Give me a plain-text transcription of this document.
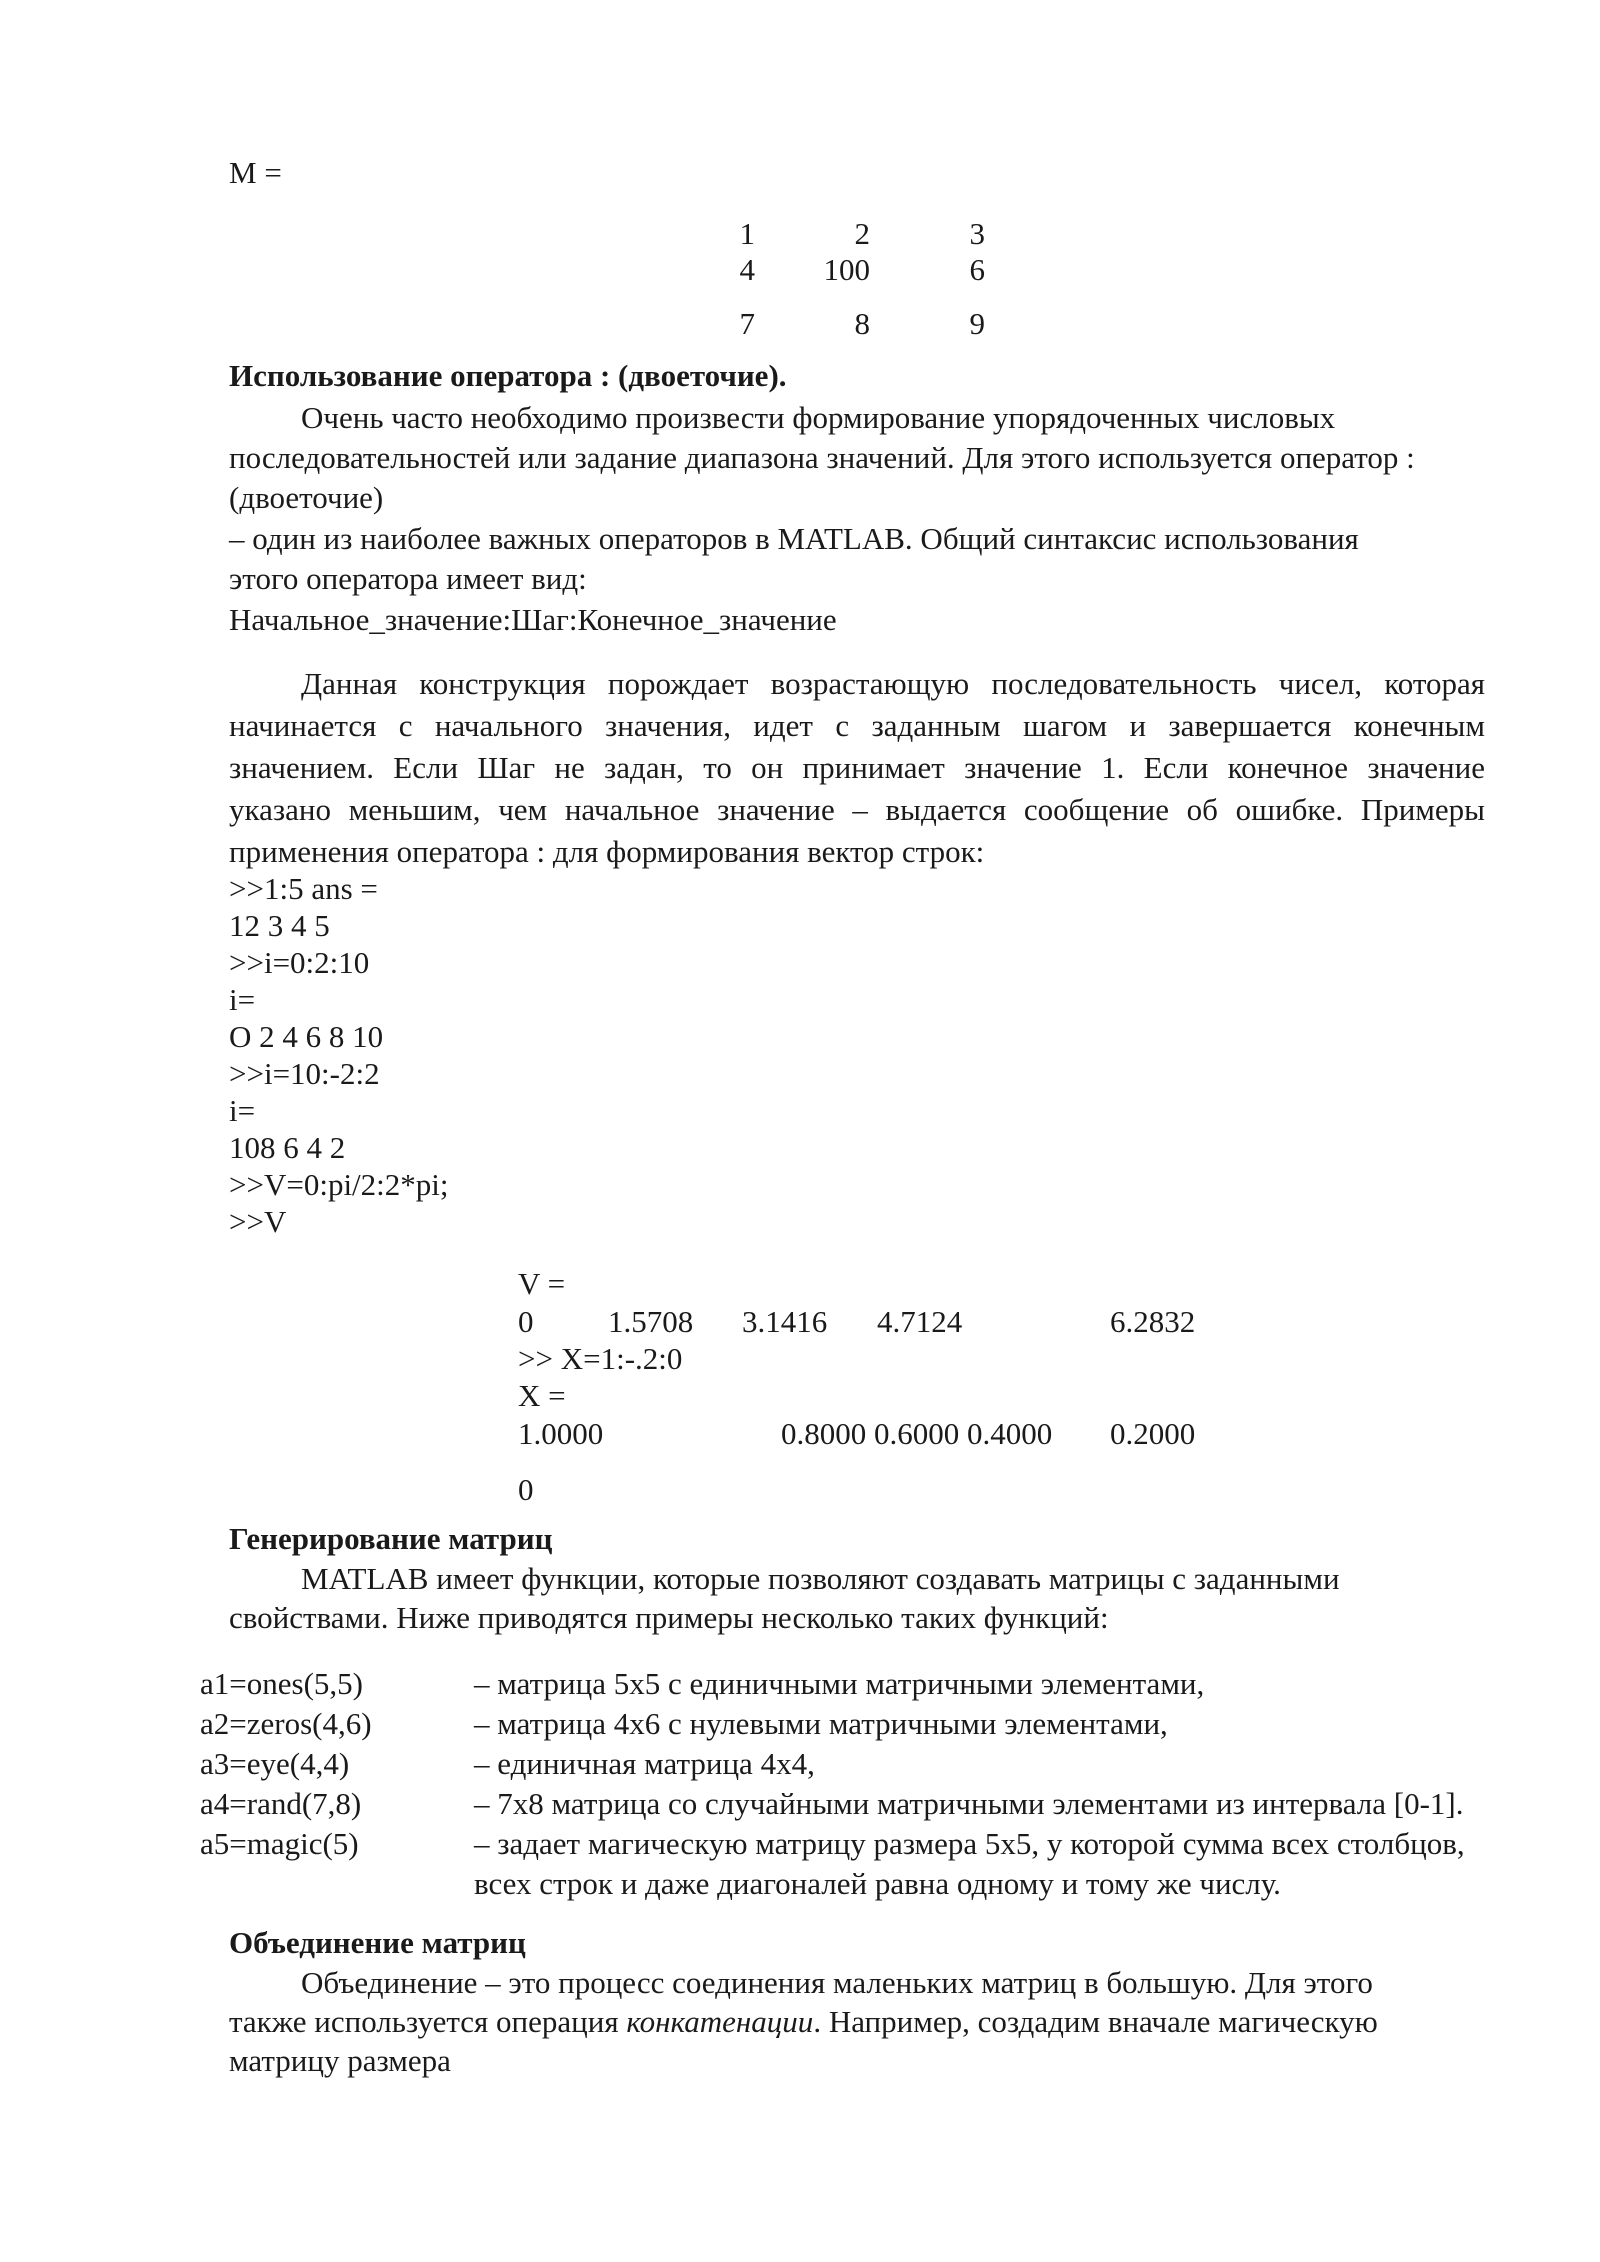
M =
1	2	3
4	100	6
7	8	9
Использование оператора : (двоеточие).
Очень часто необходимо произвести формирование упорядоченных числовых
последовательностей или задание диапазона значений. Для этого используется оператор :
(двоеточие)
– один из наиболее важных операторов в MATLAB. Общий синтаксис использования
этого оператора имеет вид:
Начальное_значение:Шаг:Конечное_значение
Данная конструкция порождает возрастающую последовательность чисел, которая
начинается с начального значения, идет с заданным шагом и завершается конечным
значением. Если Шаг не задан, то он принимает значение 1. Если конечное значение
указано меньшим, чем начальное значение – выдается сообщение об ошибке. Примеры
применения оператора : для формирования вектор строк:
>>1:5 ans =
12 3 4 5
>>i=0:2:10
i=
О 2 4 6 8 10
>>i=10:-2:2
i=
108 6 4 2
>>V=0:pi/2:2*pi;
>>V
V =
0 1.5708 3.1416 4.7124	6.2832
>> X=1:-.2:0
X =
1.0000	0.8000 0.6000 0.4000 0.2000
0
Генерирование матриц
MATLAB имеет функции, которые позволяют создавать матрицы с заданными
свойствами. Ниже приводятся примеры несколько таких функций:
a1=ones(5,5)	– матрица 5x5 с единичными матричными элементами,
a2=zeros(4,6)	– матрица 4x6 с нулевыми матричными элементами,
a3=eye(4,4)	– единичная матрица 4x4,
a4=rand(7,8)	– 7x8 матрица со случайными матричными элементами из интервала [0-1].
a5=magic(5)	– задает магическую матрицу размера 5x5, у которой сумма всех столбцов,
всех строк и даже диагоналей равна одному и тому же числу.
Объединение матриц
Объединение – это процесс соединения маленьких матриц в большую. Для этого
также используется операция конкатенации. Например, создадим вначале магическую
матрицу размера
